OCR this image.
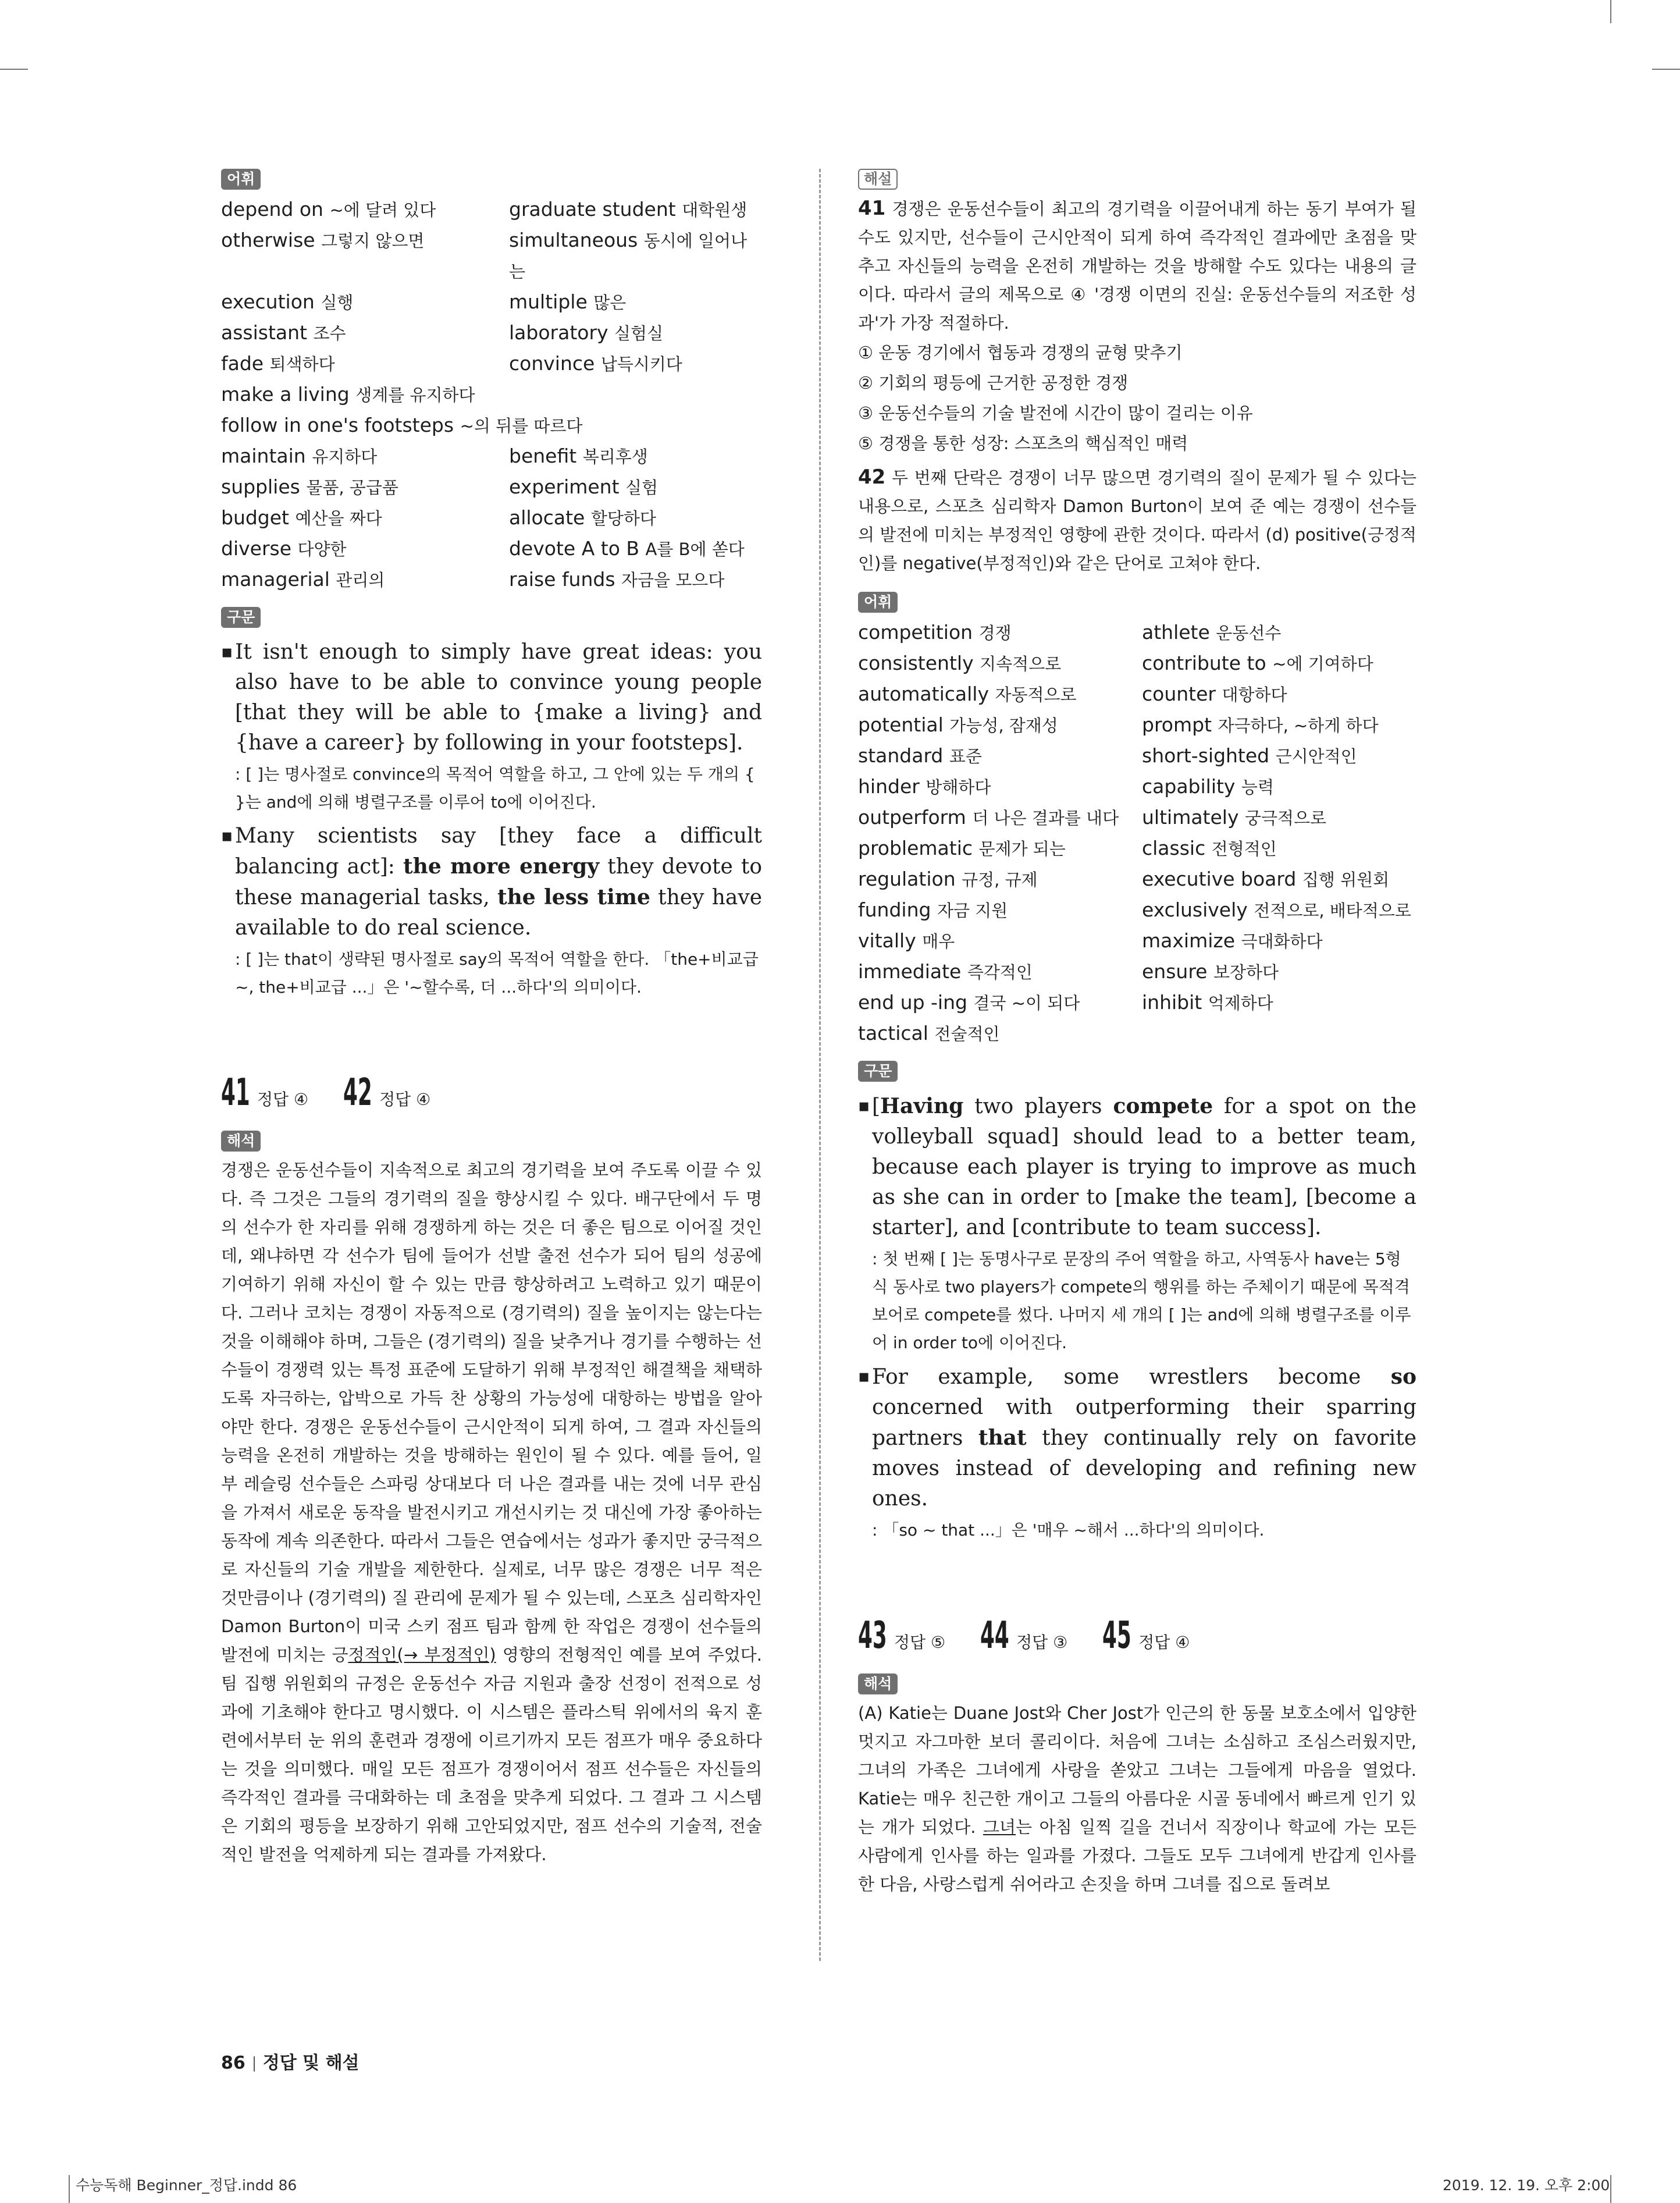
어휘
depend on ~에 달려 있다	graduate student 대학원생
otherwise 그렇지 않으면	simultaneous 동시에 일어나는
execution 실행	multiple 많은
assistant 조수	laboratory 실험실
fade 퇴색하다	convince 납득시키다
make a living 생계를 유지하다
follow in one's footsteps ~의 뒤를 따르다
maintain 유지하다	benefit 복리후생
supplies 물품, 공급품	experiment 실험
budget 예산을 짜다	allocate 할당하다
diverse 다양한	devote A to B A를 B에 쏟다
managerial 관리의	raise funds 자금을 모으다
구문
▪ It isn't enough to simply have great ideas: you also have to be able to convince young people [that they will be able to {make a living} and {have a career} by following in your footsteps].
: [ ]는 명사절로 convince의 목적어 역할을 하고, 그 안에 있는 두 개의 { }는 and에 의해 병렬구조를 이루어 to에 이어진다.
▪ Many scientists say [they face a difficult balancing act]: the more energy they devote to these managerial tasks, the less time they have available to do real science.
: [ ]는 that이 생략된 명사절로 say의 목적어 역할을 한다. 「the+비교급 ~, the+비교급 ...」은 '~할수록, 더 ...하다'의 의미이다.
41 정답 ④ 42 정답 ④
해석
경쟁은 운동선수들이 지속적으로 최고의 경기력을 보여 주도록 이끌 수 있다. 즉 그것은 그들의 경기력의 질을 향상시킬 수 있다. 배구단에서 두 명의 선수가 한 자리를 위해 경쟁하게 하는 것은 더 좋은 팀으로 이어질 것인데, 왜냐하면 각 선수가 팀에 들어가 선발 출전 선수가 되어 팀의 성공에 기여하기 위해 자신이 할 수 있는 만큼 향상하려고 노력하고 있기 때문이다. 그러나 코치는 경쟁이 자동적으로 (경기력의) 질을 높이지는 않는다는 것을 이해해야 하며, 그들은 (경기력의) 질을 낮추거나 경기를 수행하는 선수들이 경쟁력 있는 특정 표준에 도달하기 위해 부정적인 해결책을 채택하도록 자극하는, 압박으로 가득 찬 상황의 가능성에 대항하는 방법을 알아야만 한다. 경쟁은 운동선수들이 근시안적이 되게 하여, 그 결과 자신들의 능력을 온전히 개발하는 것을 방해하는 원인이 될 수 있다. 예를 들어, 일부 레슬링 선수들은 스파링 상대보다 더 나은 결과를 내는 것에 너무 관심을 가져서 새로운 동작을 발전시키고 개선시키는 것 대신에 가장 좋아하는 동작에 계속 의존한다. 따라서 그들은 연습에서는 성과가 좋지만 궁극적으로 자신들의 기술 개발을 제한한다. 실제로, 너무 많은 경쟁은 너무 적은 것만큼이나 (경기력의) 질 관리에 문제가 될 수 있는데, 스포츠 심리학자인 Damon Burton이 미국 스키 점프 팀과 함께 한 작업은 경쟁이 선수들의 발전에 미치는 긍정적인(→ 부정적인) 영향의 전형적인 예를 보여 주었다. 팀 집행 위원회의 규정은 운동선수 자금 지원과 출장 선정이 전적으로 성과에 기초해야 한다고 명시했다. 이 시스템은 플라스틱 위에서의 육지 훈련에서부터 눈 위의 훈련과 경쟁에 이르기까지 모든 점프가 매우 중요하다는 것을 의미했다. 매일 모든 점프가 경쟁이어서 점프 선수들은 자신들의 즉각적인 결과를 극대화하는 데 초점을 맞추게 되었다. 그 결과 그 시스템은 기회의 평등을 보장하기 위해 고안되었지만, 점프 선수의 기술적, 전술적인 발전을 억제하게 되는 결과를 가져왔다.
해설
41 경쟁은 운동선수들이 최고의 경기력을 이끌어내게 하는 동기 부여가 될 수도 있지만, 선수들이 근시안적이 되게 하여 즉각적인 결과에만 초점을 맞추고 자신들의 능력을 온전히 개발하는 것을 방해할 수도 있다는 내용의 글이다. 따라서 글의 제목으로 ④ '경쟁 이면의 진실: 운동선수들의 저조한 성과'가 가장 적절하다.
① 운동 경기에서 협동과 경쟁의 균형 맞추기
② 기회의 평등에 근거한 공정한 경쟁
③ 운동선수들의 기술 발전에 시간이 많이 걸리는 이유
⑤ 경쟁을 통한 성장: 스포츠의 핵심적인 매력
42 두 번째 단락은 경쟁이 너무 많으면 경기력의 질이 문제가 될 수 있다는 내용으로, 스포츠 심리학자 Damon Burton이 보여 준 예는 경쟁이 선수들의 발전에 미치는 부정적인 영향에 관한 것이다. 따라서 (d) positive(긍정적인)를 negative(부정적인)와 같은 단어로 고쳐야 한다.
어휘
competition 경쟁	athlete 운동선수
consistently 지속적으로	contribute to ~에 기여하다
automatically 자동적으로	counter 대항하다
potential 가능성, 잠재성	prompt 자극하다, ~하게 하다
standard 표준	short-sighted 근시안적인
hinder 방해하다	capability 능력
outperform 더 나은 결과를 내다	ultimately 궁극적으로
problematic 문제가 되는	classic 전형적인
regulation 규정, 규제	executive board 집행 위원회
funding 자금 지원	exclusively 전적으로, 배타적으로
vitally 매우	maximize 극대화하다
immediate 즉각적인	ensure 보장하다
end up -ing 결국 ~이 되다	inhibit 억제하다
tactical 전술적인
구문
▪ [Having two players compete for a spot on the volleyball squad] should lead to a better team, because each player is trying to improve as much as she can in order to [make the team], [become a starter], and [contribute to team success].
: 첫 번째 [ ]는 동명사구로 문장의 주어 역할을 하고, 사역동사 have는 5형식 동사로 two players가 compete의 행위를 하는 주체이기 때문에 목적격 보어로 compete를 썼다. 나머지 세 개의 [ ]는 and에 의해 병렬구조를 이루어 in order to에 이어진다.
▪ For example, some wrestlers become so concerned with outperforming their sparring partners that they continually rely on favorite moves instead of developing and refining new ones.
: 「so ~ that ...」은 '매우 ~해서 ...하다'의 의미이다.
43 정답 ⑤ 44 정답 ③ 45 정답 ④
해석
(A) Katie는 Duane Jost와 Cher Jost가 인근의 한 동물 보호소에서 입양한 멋지고 자그마한 보더 콜리이다. 처음에 그녀는 소심하고 조심스러웠지만, 그녀의 가족은 그녀에게 사랑을 쏟았고 그녀는 그들에게 마음을 열었다. Katie는 매우 친근한 개이고 그들의 아름다운 시골 동네에서 빠르게 인기 있는 개가 되었다. 그녀는 아침 일찍 길을 건너서 직장이나 학교에 가는 모든 사람에게 인사를 하는 일과를 가졌다. 그들도 모두 그녀에게 반갑게 인사를 한 다음, 사랑스럽게 쉬어라고 손짓을 하며 그녀를 집으로 돌려보
86 정답 및 해설
수능독해 Beginner_정답.indd 86	2019. 12. 19. 오후 2:00
